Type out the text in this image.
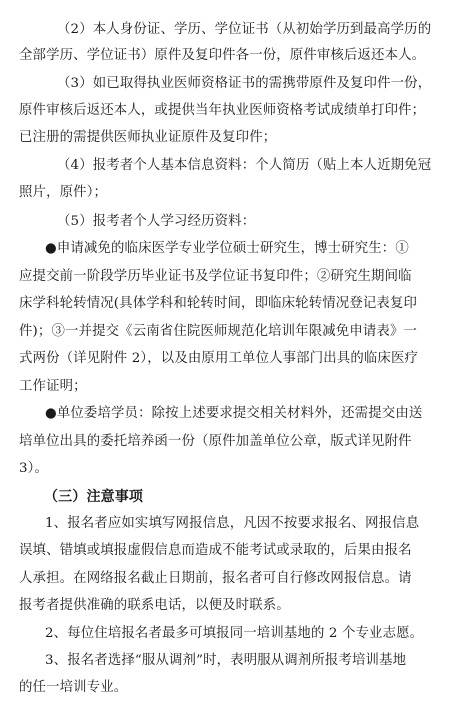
（2）本人身份证、学历、学位证书（从初始学历到最高学历的
全部学历、学位证书）原件及复印件各一份，原件审核后返还本人。
（3）如已取得执业医师资格证书的需携带原件及复印件一份，
原件审核后返还本人，或提供当年执业医师资格考试成绩单打印件；
已注册的需提供医师执业证原件及复印件；
（4）报考者个人基本信息资料：个人简历（贴上本人近期免冠
照片，原件）；
（5）报考者个人学习经历资料：
●申请减免的临床医学专业学位硕士研究生，博士研究生：①
应提交前一阶段学历毕业证书及学位证书复印件；②研究生期间临
床学科轮转情况(具体学科和轮转时间，即临床轮转情况登记表复印
件)；③一并提交《云南省住院医师规范化培训年限减免申请表》一
式两份（详见附件 2），以及由原用工单位人事部门出具的临床医疗
工作证明；
●单位委培学员：除按上述要求提交相关材料外，还需提交由送
培单位出具的委托培养函一份（原件加盖单位公章，版式详见附件
3）。
（三）注意事项
1、报名者应如实填写网报信息，凡因不按要求报名、网报信息
误填、错填或填报虚假信息而造成不能考试或录取的，后果由报名
人承担。在网络报名截止日期前，报名者可自行修改网报信息。请
报考者提供准确的联系电话，以便及时联系。
2、每位住培报名者最多可填报同一培训基地的 2 个专业志愿。
3、报名者选择“服从调剂”时，表明服从调剂所报考培训基地
的任一培训专业。
